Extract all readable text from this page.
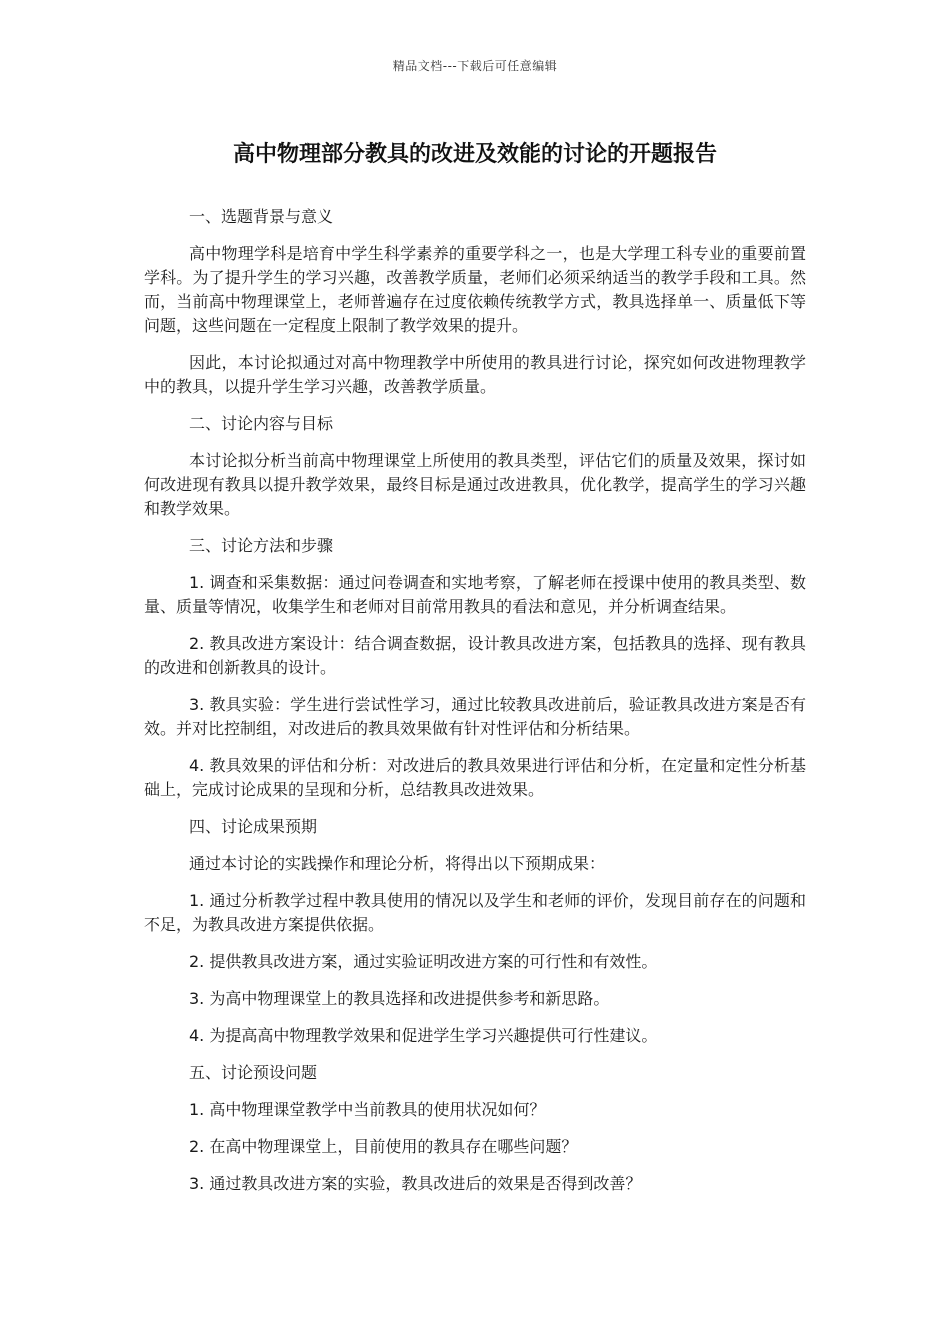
精品文档---下载后可任意编辑
高中物理部分教具的改进及效能的讨论的开题报告

一、选题背景与意义

高中物理学科是培育中学生科学素养的重要学科之一，也是大学理工科专业的重要前置学科。为了提升学生的学习兴趣，改善教学质量，老师们必须采纳适当的教学手段和工具。然而，当前高中物理课堂上，老师普遍存在过度依赖传统教学方式，教具选择单一、质量低下等问题，这些问题在一定程度上限制了教学效果的提升。

因此，本讨论拟通过对高中物理教学中所使用的教具进行讨论，探究如何改进物理教学中的教具，以提升学生学习兴趣，改善教学质量。

二、讨论内容与目标

本讨论拟分析当前高中物理课堂上所使用的教具类型，评估它们的质量及效果，探讨如何改进现有教具以提升教学效果，最终目标是通过改进教具，优化教学，提高学生的学习兴趣和教学效果。

三、讨论方法和步骤

1. 调查和采集数据：通过问卷调查和实地考察，了解老师在授课中使用的教具类型、数量、质量等情况，收集学生和老师对目前常用教具的看法和意见，并分析调查结果。

2. 教具改进方案设计：结合调查数据，设计教具改进方案，包括教具的选择、现有教具的改进和创新教具的设计。

3. 教具实验：学生进行尝试性学习，通过比较教具改进前后，验证教具改进方案是否有效。并对比控制组，对改进后的教具效果做有针对性评估和分析结果。

4. 教具效果的评估和分析：对改进后的教具效果进行评估和分析，在定量和定性分析基础上，完成讨论成果的呈现和分析，总结教具改进效果。

四、讨论成果预期

通过本讨论的实践操作和理论分析，将得出以下预期成果：

1. 通过分析教学过程中教具使用的情况以及学生和老师的评价，发现目前存在的问题和不足，为教具改进方案提供依据。

2. 提供教具改进方案，通过实验证明改进方案的可行性和有效性。

3. 为高中物理课堂上的教具选择和改进提供参考和新思路。

4. 为提高高中物理教学效果和促进学生学习兴趣提供可行性建议。

五、讨论预设问题

1. 高中物理课堂教学中当前教具的使用状况如何？

2. 在高中物理课堂上，目前使用的教具存在哪些问题？

3. 通过教具改进方案的实验，教具改进后的效果是否得到改善？
